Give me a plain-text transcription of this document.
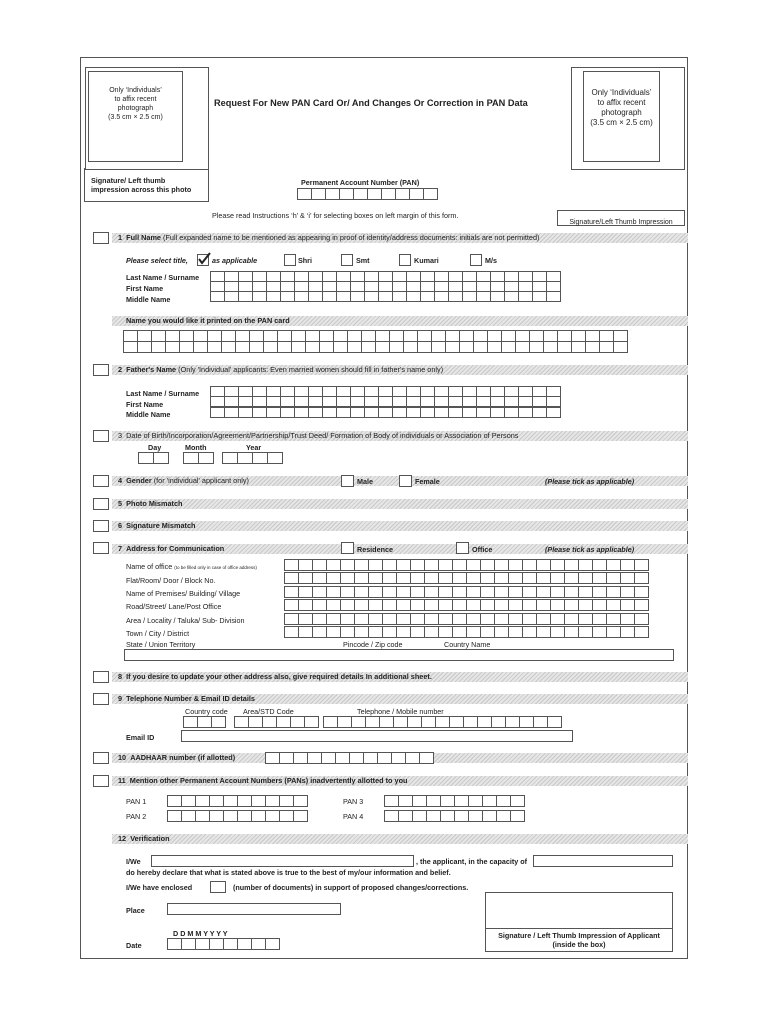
Only ‘Individuals’
to affix recent
photograph
(3.5 cm × 2.5 cm)
Only ‘Individuals’
to affix recent
photograph
(3.5 cm × 2.5 cm)
Request For New PAN Card Or/ And Changes Or Correction in PAN Data
Signature/ Left thumb
impression across this photo
Permanent Account Number (PAN)
Please read Instructions ‘h’ & ‘i’ for selecting boxes on left margin of this form.
Signature/Left Thumb Impression
1 Full Name (Full expanded name to be mentioned as appearing in proof of identity/address documents: initials are not permitted)
Please select title,	as applicable	Shri	Smt	Kumari	M/s
Last Name / Surname
First Name
Middle Name
Name you would like it printed on the PAN card
2 Father's Name (Only 'Individual' applicants: Even married women should fill in father's name only)
Last Name / Surname
First Name
Middle Name
3 Date of Birth/Incorporation/Agreement/Partnership/Trust Deed/ Formation of Body of individuals or Association of Persons
Day	Month	Year
4 Gender (for 'individual' applicant only)	Male	Female	(Please tick as applicable)
5 Photo Mismatch
6 Signature Mismatch
7 Address for Communication	Residence	Office	(Please tick as applicable)
Name of office (to be filled only in case of office address)
Flat/Room/ Door / Block No.
Name of Premises/ Building/ Village
Road/Street/ Lane/Post Office
Area / Locality / Taluka/ Sub- Division
Town / City / District
State / Union Territory	Pincode / Zip code	Country Name
8 If you desire to update your other address also, give required details In additional sheet.
9 Telephone Number & Email ID details
Country code Area/STD Code	Telephone / Mobile number
Email ID
10 AADHAAR number (if allotted)
11 Mention other Permanent Account Numbers (PANs) inadvertently allotted to you
PAN 1
PAN 2
PAN 3
PAN 4
12 Verification
I/We	, the applicant, in the capacity of
do hereby declare that what is stated above is true to the best of my/our information and belief.
I/We have enclosed	(number of documents) in support of proposed changes/corrections.
Place
D D M M Y Y Y Y
Date
Signature / Left Thumb Impression of Applicant
(inside the box)
